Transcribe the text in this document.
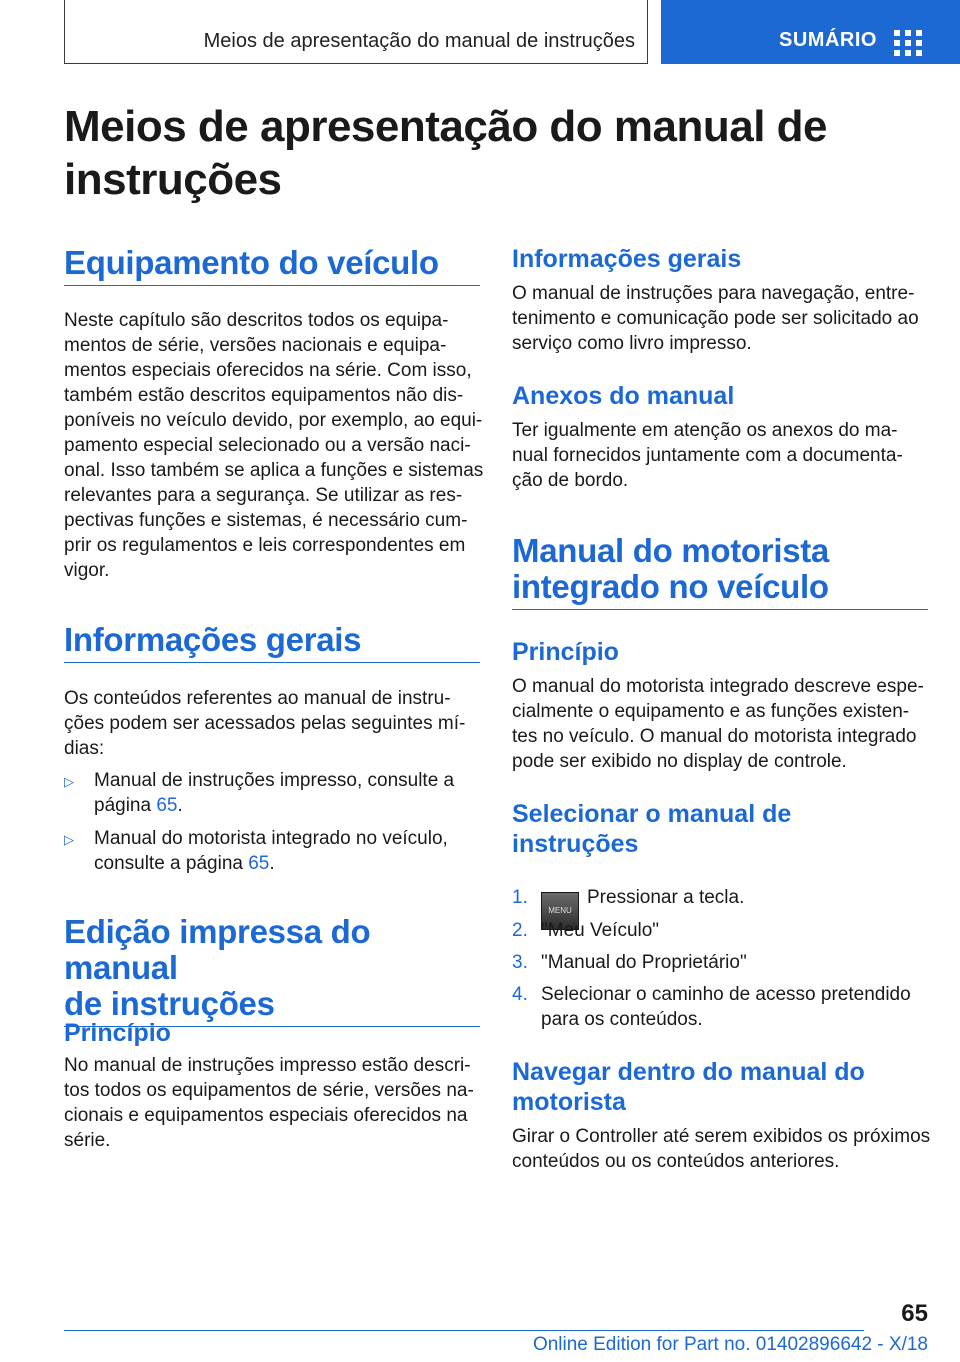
Meios de apresentação do manual de instruções	SUMÁRIO
Meios de apresentação do manual de
instruções
Equipamento do veículo
Neste capítulo são descritos todos os equipa‐
mentos de série, versões nacionais e equipa‐
mentos especiais oferecidos na série. Com isso,
também estão descritos equipamentos não dis‐
poníveis no veículo devido, por exemplo, ao equi‐
pamento especial selecionado ou a versão naci‐
onal. Isso também se aplica a funções e sistemas
relevantes para a segurança. Se utilizar as res‐
pectivas funções e sistemas, é necessário cum‐
prir os regulamentos e leis correspondentes em
vigor.
Informações gerais
Os conteúdos referentes ao manual de instru‐
ções podem ser acessados pelas seguintes mí‐
dias:
▷ Manual de instruções impresso, consulte a
página 65.
▷ Manual do motorista integrado no veículo,
consulte a página 65.
Edição impressa do manual
de instruções
Princípio
No manual de instruções impresso estão descri‐
tos todos os equipamentos de série, versões na‐
cionais e equipamentos especiais oferecidos na
série.
Informações gerais
O manual de instruções para navegação, entre‐
tenimento e comunicação pode ser solicitado ao
serviço como livro impresso.
Anexos do manual
Ter igualmente em atenção os anexos do ma‐
nual fornecidos juntamente com a documenta‐
ção de bordo.
Manual do motorista
integrado no veículo
Princípio
O manual do motorista integrado descreve espe‐
cialmente o equipamento e as funções existen‐
tes no veículo. O manual do motorista integrado
pode ser exibido no display de controle.
Selecionar o manual de
instruções
1.
MENUPressionar a tecla.
2. "Meu Veículo"
3. "Manual do Proprietário"
4. Selecionar o caminho de acesso pretendido
para os conteúdos.
Navegar dentro do manual do
motorista
Girar o Controller até serem exibidos os próximos
conteúdos ou os conteúdos anteriores.
65
Online Edition for Part no. 01402896642 - X/18
